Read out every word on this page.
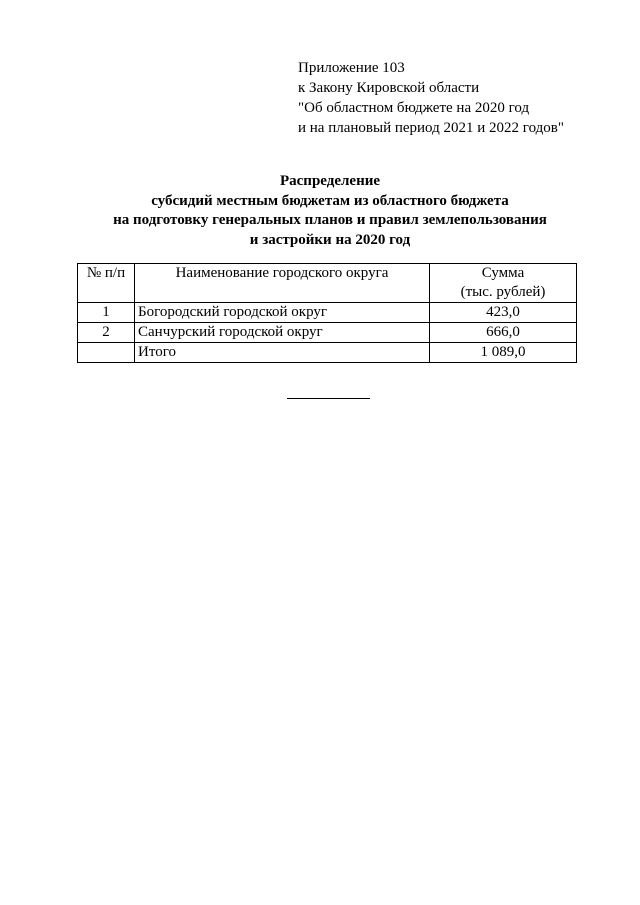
Приложение 103
к Закону Кировской области
"Об областном бюджете на 2020 год
и на плановый период 2021 и 2022 годов"
Распределение
субсидий местным бюджетам из областного бюджета
на подготовку генеральных планов и правил землепользования
и застройки на 2020 год
№ п/п	Наименование городского округа	Сумма
(тыс. рублей)

1	Богородский городской округ	423,0
2	Санчурский городской округ	666,0
	Итого	1 089,0
